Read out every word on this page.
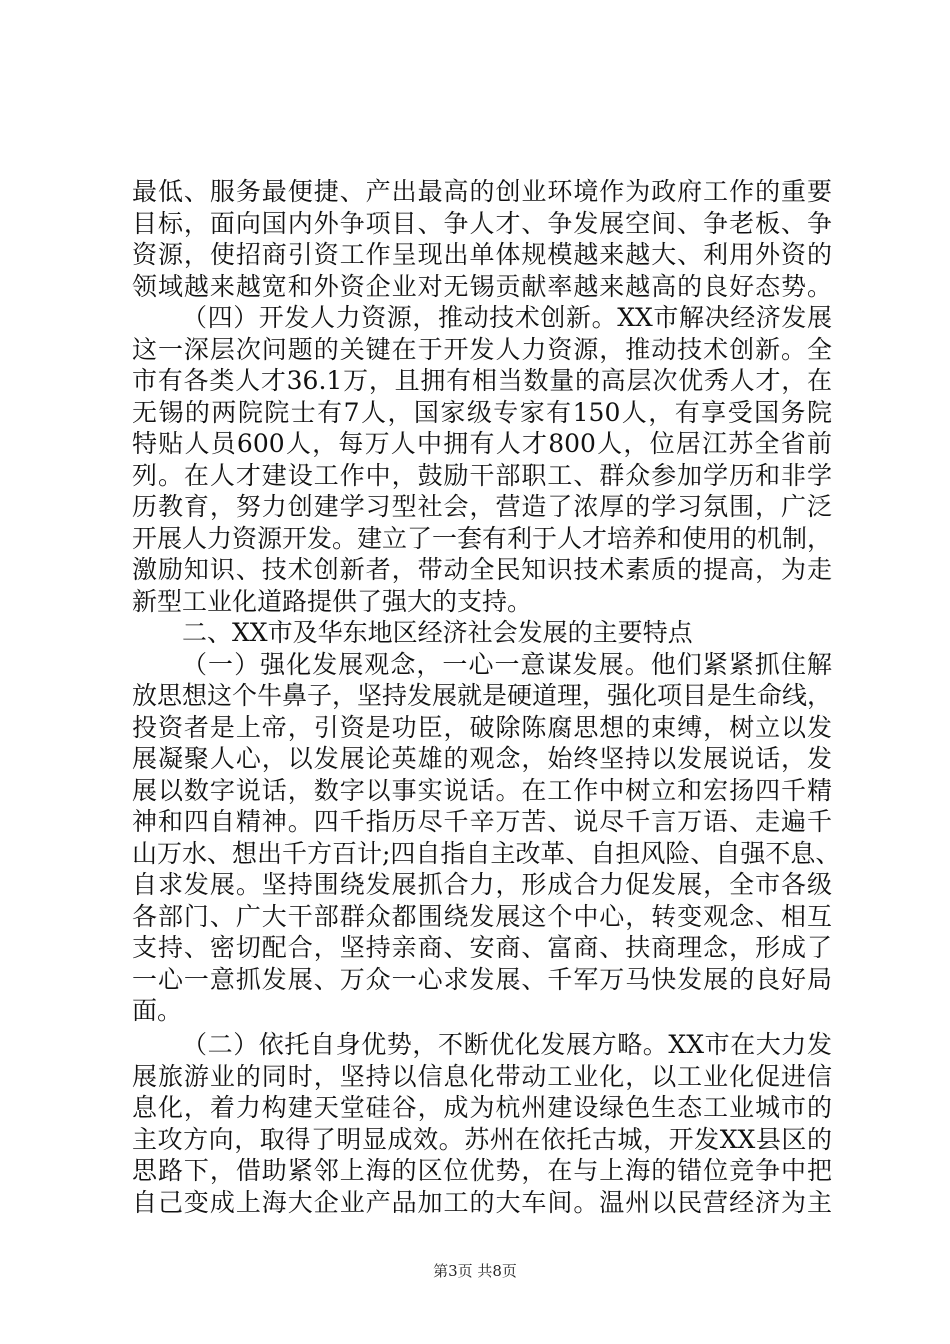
最低、服务最便捷、产出最高的创业环境作为政府工作的重要
目标，面向国内外争项目、争人才、争发展空间、争老板、争
资源，使招商引资工作呈现出单体规模越来越大、利用外资的
领域越来越宽和外资企业对无锡贡献率越来越高的良好态势。
（四）开发人力资源，推动技术创新。XX市解决经济发展
这一深层次问题的关键在于开发人力资源，推动技术创新。全
市有各类人才36.1万，且拥有相当数量的高层次优秀人才，在
无锡的两院院士有7人，国家级专家有150人，有享受国务院
特贴人员600人，每万人中拥有人才800人，位居江苏全省前
列。在人才建设工作中，鼓励干部职工、群众参加学历和非学
历教育，努力创建学习型社会，营造了浓厚的学习氛围，广泛
开展人力资源开发。建立了一套有利于人才培养和使用的机制，
激励知识、技术创新者，带动全民知识技术素质的提高，为走
新型工业化道路提供了强大的支持。
二、XX市及华东地区经济社会发展的主要特点
（一）强化发展观念，一心一意谋发展。他们紧紧抓住解
放思想这个牛鼻子，坚持发展就是硬道理，强化项目是生命线，
投资者是上帝，引资是功臣，破除陈腐思想的束缚，树立以发
展凝聚人心，以发展论英雄的观念，始终坚持以发展说话，发
展以数字说话，数字以事实说话。在工作中树立和宏扬四千精
神和四自精神。四千指历尽千辛万苦、说尽千言万语、走遍千
山万水、想出千方百计;四自指自主改革、自担风险、自强不息、
自求发展。坚持围绕发展抓合力，形成合力促发展，全市各级
各部门、广大干部群众都围绕发展这个中心，转变观念、相互
支持、密切配合，坚持亲商、安商、富商、扶商理念，形成了
一心一意抓发展、万众一心求发展、千军万马快发展的良好局
面。
（二）依托自身优势，不断优化发展方略。XX市在大力发
展旅游业的同时，坚持以信息化带动工业化，以工业化促进信
息化，着力构建天堂硅谷，成为杭州建设绿色生态工业城市的
主攻方向，取得了明显成效。苏州在依托古城，开发XX县区的
思路下，借助紧邻上海的区位优势，在与上海的错位竞争中把
自己变成上海大企业产品加工的大车间。温州以民营经济为主
第3页 共8页
